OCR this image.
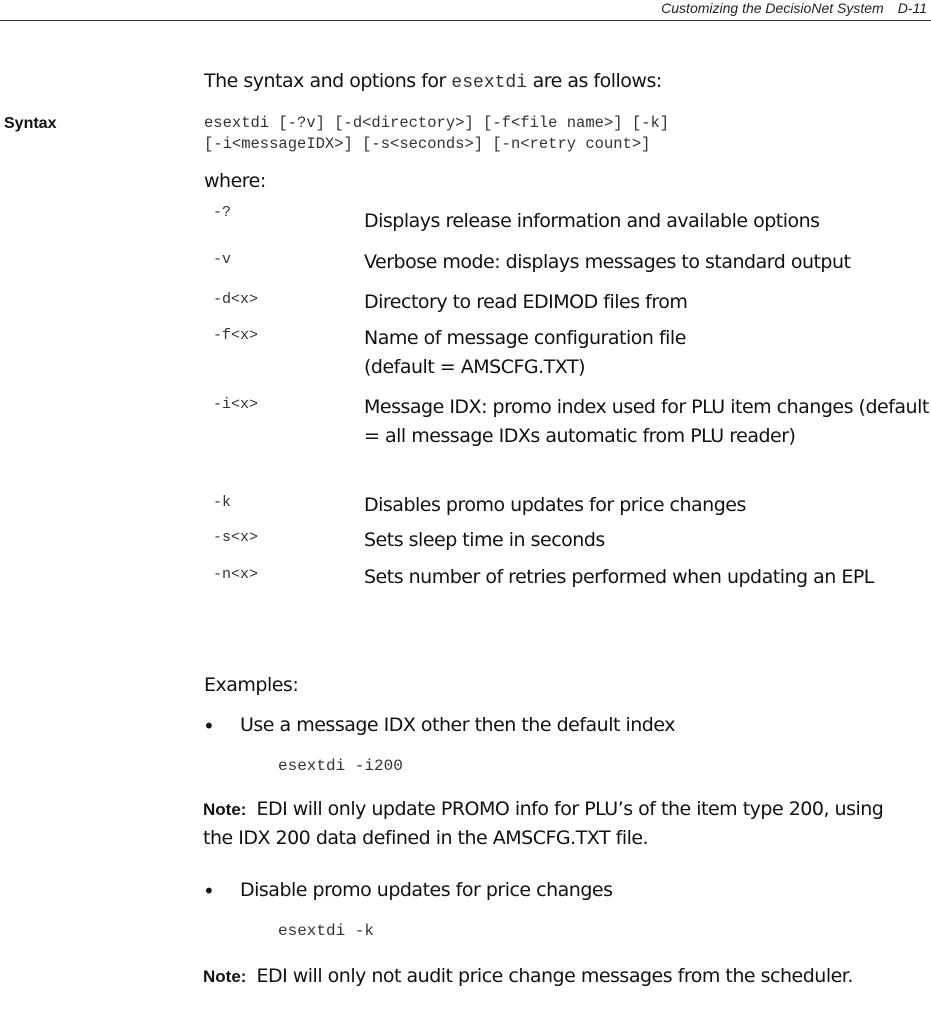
Customizing the DecisioNet System D-11
The syntax and options for esextdi are as follows:
Syntax	esextdi [-?v] [-d<directory>] [-f<file name>] [-k]
[-i<messageIDX>] [-s<seconds>] [-n<retry count>]
where:
-?	Displays release information and available options
-v	Verbose mode: displays messages to standard output
-d<x>	Directory to read EDIMOD files from
-f<x>	Name of message configuration file (default = AMSCFG.TXT)
-i<x>	Message IDX: promo index used for PLU item changes (default = all message IDXs automatic from PLU reader)
-k	Disables promo updates for price changes
-s<x>	Sets sleep time in seconds
-n<x>	Sets number of retries performed when updating an EPL
Examples:
• Use a message IDX other then the default index
esextdi -i200
Note: EDI will only update PROMO info for PLU’s of the item type 200, using the IDX 200 data defined in the AMSCFG.TXT file.
• Disable promo updates for price changes
esextdi -k
Note: EDI will only not audit price change messages from the scheduler.
